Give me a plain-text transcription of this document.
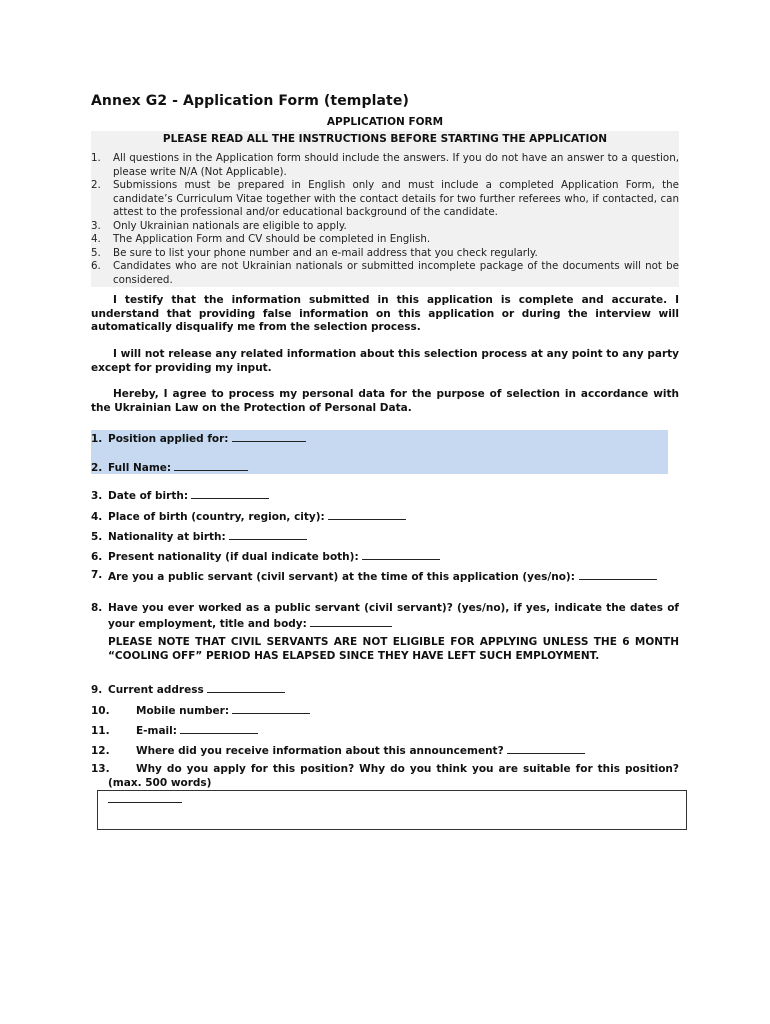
Annex G2 - Application Form (template)
APPLICATION FORM
PLEASE READ ALL THE INSTRUCTIONS BEFORE STARTING THE APPLICATION
1. All questions in the Application form should include the answers. If you do not have an answer to a question, please write N/A (Not Applicable).
2. Submissions must be prepared in English only and must include a completed Application Form, the candidate’s Curriculum Vitae together with the contact details for two further referees who, if contacted, can attest to the professional and/or educational background of the candidate.
3. Only Ukrainian nationals are eligible to apply.
4. The Application Form and CV should be completed in English.
5. Be sure to list your phone number and an e-mail address that you check regularly.
6. Candidates who are not Ukrainian nationals or submitted incomplete package of the documents will not be considered.
I testify that the information submitted in this application is complete and accurate. I understand that providing false information on this application or during the interview will automatically disqualify me from the selection process.
I will not release any related information about this selection process at any point to any party except for providing my input.
Hereby, I agree to process my personal data for the purpose of selection in accordance with the Ukrainian Law on the Protection of Personal Data.
1. Position applied for:
2. Full Name:
3. Date of birth:
4. Place of birth (country, region, city):
5. Nationality at birth:
6. Present nationality (if dual indicate both):
7. Are you a public servant (civil servant) at the time of this application (yes/no):
8. Have you ever worked as a public servant (civil servant)? (yes/no), if yes, indicate the dates of your employment, title and body:
PLEASE NOTE THAT CIVIL SERVANTS ARE NOT ELIGIBLE FOR APPLYING UNLESS THE 6 MONTH “COOLING OFF” PERIOD HAS ELAPSED SINCE THEY HAVE LEFT SUCH EMPLOYMENT.
9. Current address
10.	Mobile number:
11.	E-mail:
12.	Where did you receive information about this announcement?
13.	Why do you apply for this position? Why do you think you are suitable for this position? (max. 500 words)
